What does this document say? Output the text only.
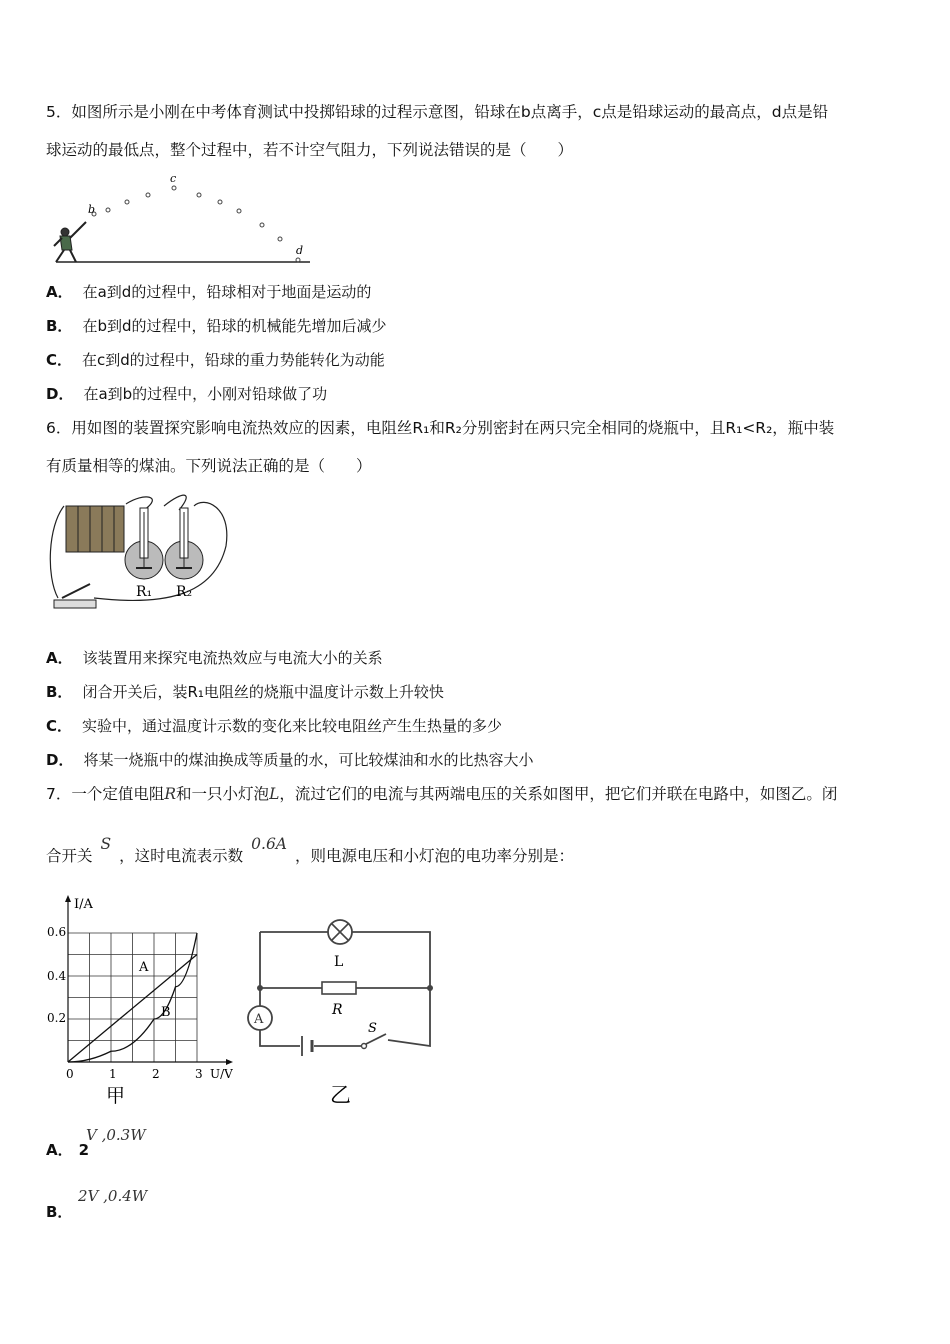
5．如图所示是小刚在中考体育测试中投掷铅球的过程示意图，铅球在b点离手，c点是铅球运动的最高点，d点是铅
球运动的最低点，整个过程中，若不计空气阻力，下列说法错误的是（　　）
b
c
d
A． 在a到d的过程中，铅球相对于地面是运动的
B． 在b到d的过程中，铅球的机械能先增加后减少
C． 在c到d的过程中，铅球的重力势能转化为动能
D． 在a到b的过程中，小刚对铅球做了功
6．用如图的装置探究影响电流热效应的因素，电阻丝R₁和R₂分别密封在两只完全相同的烧瓶中，且R₁<R₂，瓶中装
有质量相等的煤油。下列说法正确的是（　　）
R₁ R₂
A． 该装置用来探究电流热效应与电流大小的关系
B． 闭合开关后，装R₁电阻丝的烧瓶中温度计示数上升较快
C． 实验中，通过温度计示数的变化来比较电阻丝产生生热量的多少
D． 将某一烧瓶中的煤油换成等质量的水，可比较煤油和水的比热容大小
7．一个定值电阻R和一只小灯泡L，流过它们的电流与其两端电压的关系如图甲，把它们并联在电路中，如图乙。闭
合开关S，这时电流表示数0.6A，则电源电压和小灯泡的电功率分别是：
I/A
U/V
0.6
0.4
0.2
0	1	2	3
A
B
甲
L
R
A
S
乙
A． 2
V ,0.3W
B．
2V ,0.4W
